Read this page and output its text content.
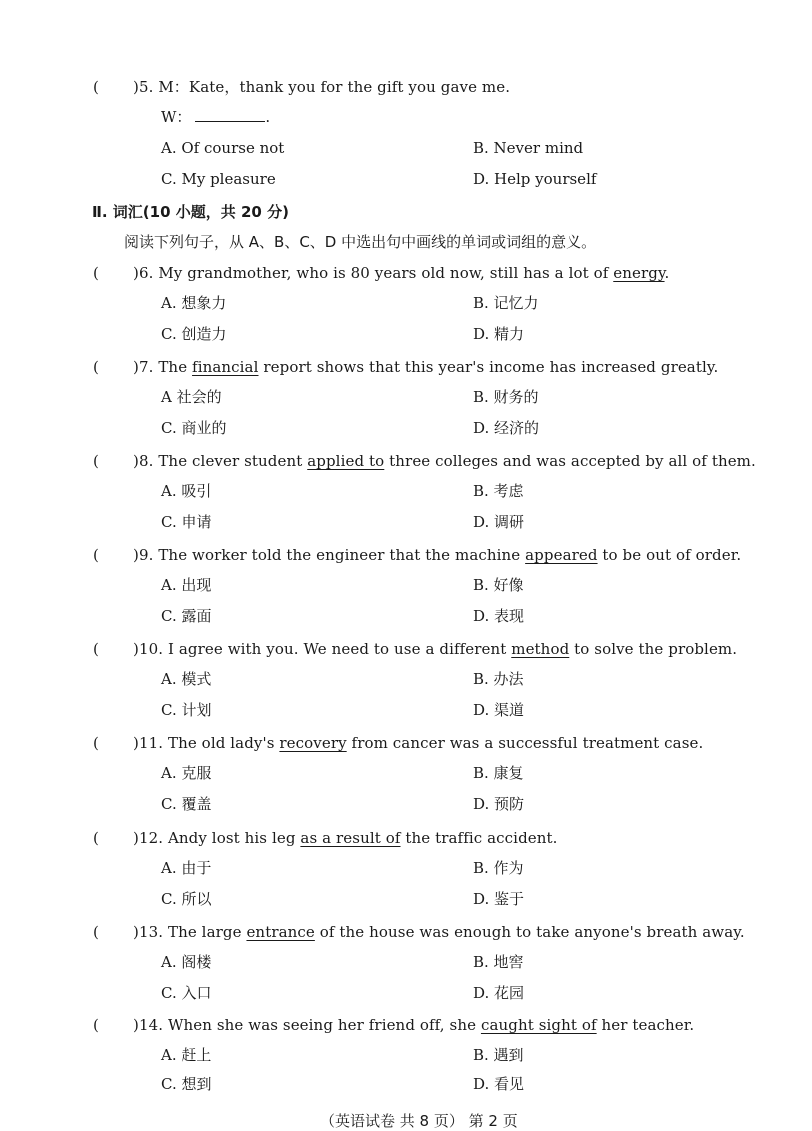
( )5. M：Kate，thank you for the gift you gave me.
W：	.
A. Of course not	B. Never mind
C. My pleasure	D. Help yourself
Ⅱ. 词汇(10 小题，共 20 分)
阅读下列句子，从 A、B、C、D 中选出句中画线的单词或词组的意义。
( )6. My grandmother, who is 80 years old now, still has a lot of energy.
A. 想象力	B. 记忆力
C. 创造力	D. 精力
( )7. The financial report shows that this year's income has increased greatly.
A 社会的	B. 财务的
C. 商业的	D. 经济的
( )8. The clever student applied to three colleges and was accepted by all of them.
A. 吸引	B. 考虑
C. 申请	D. 调研
( )9. The worker told the engineer that the machine appeared to be out of order.
A. 出现	B. 好像
C. 露面	D. 表现
( )10. I agree with you. We need to use a different method to solve the problem.
A. 模式	B. 办法
C. 计划	D. 渠道
( )11. The old lady's recovery from cancer was a successful treatment case.
A. 克服	B. 康复
C. 覆盖	D. 预防
( )12. Andy lost his leg as a result of the traffic accident.
A. 由于	B. 作为
C. 所以	D. 鉴于
( )13. The large entrance of the house was enough to take anyone's breath away.
A. 阁楼	B. 地窖
C. 入口	D. 花园
( )14. When she was seeing her friend off, she caught sight of her teacher.
A. 赶上	B. 遇到
C. 想到	D. 看见
（英语试卷 共 8 页） 第 2 页
